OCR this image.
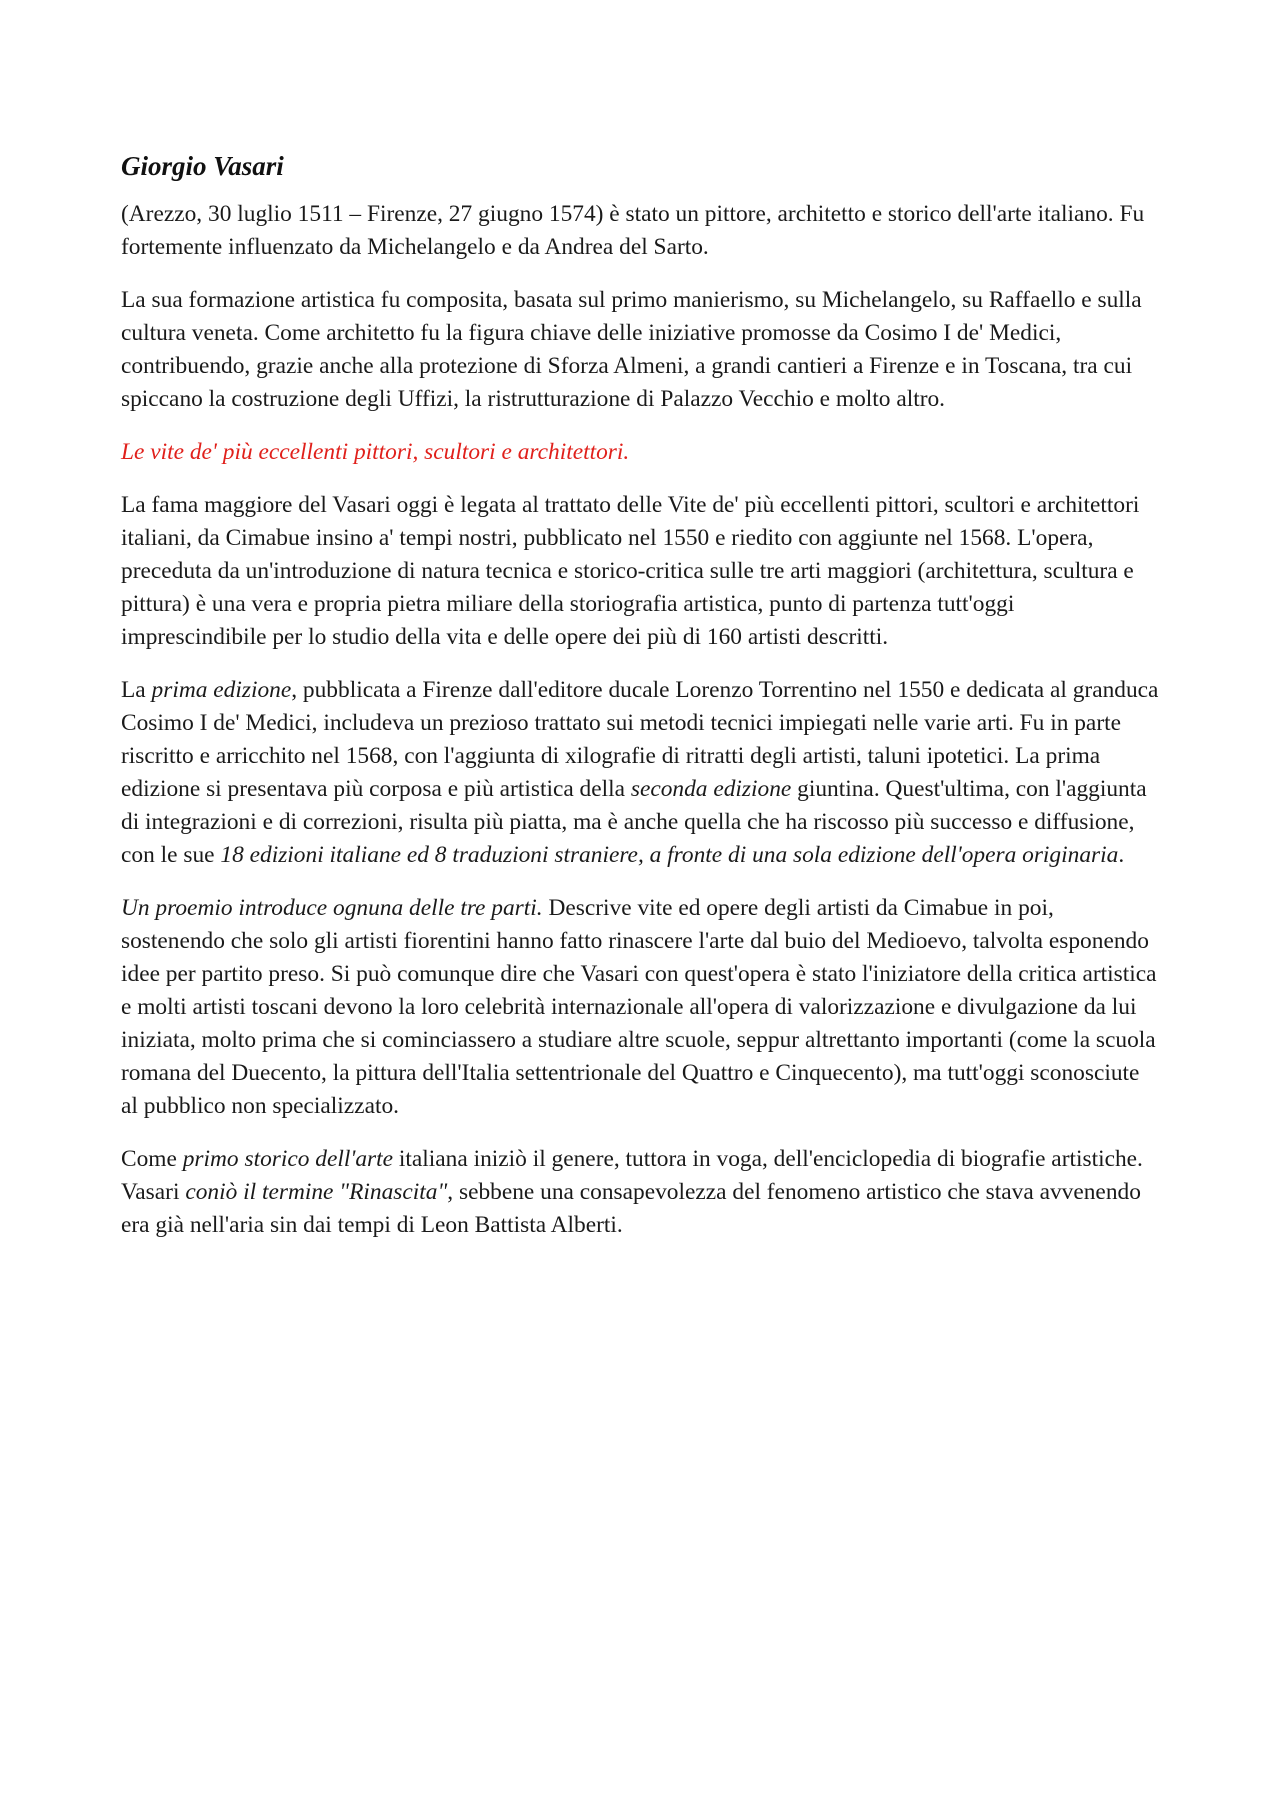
Giorgio Vasari

(Arezzo, 30 luglio 1511 – Firenze, 27 giugno 1574) è stato un pittore, architetto e storico dell'arte italiano. Fu fortemente influenzato da Michelangelo e da Andrea del Sarto.

La sua formazione artistica fu composita, basata sul primo manierismo, su Michelangelo, su Raffaello e sulla cultura veneta. Come architetto fu la figura chiave delle iniziative promosse da Cosimo I de' Medici, contribuendo, grazie anche alla protezione di Sforza Almeni, a grandi cantieri a Firenze e in Toscana, tra cui spiccano la costruzione degli Uffizi, la ristrutturazione di Palazzo Vecchio e molto altro.

Le vite de' più eccellenti pittori, scultori e architettori.

La fama maggiore del Vasari oggi è legata al trattato delle Vite de' più eccellenti pittori, scultori e architettori italiani, da Cimabue insino a' tempi nostri, pubblicato nel 1550 e riedito con aggiunte nel 1568. L'opera, preceduta da un'introduzione di natura tecnica e storico-critica sulle tre arti maggiori (architettura, scultura e pittura) è una vera e propria pietra miliare della storiografia artistica, punto di partenza tutt'oggi imprescindibile per lo studio della vita e delle opere dei più di 160 artisti descritti.

La prima edizione, pubblicata a Firenze dall'editore ducale Lorenzo Torrentino nel 1550 e dedicata al granduca Cosimo I de' Medici, includeva un prezioso trattato sui metodi tecnici impiegati nelle varie arti. Fu in parte riscritto e arricchito nel 1568, con l'aggiunta di xilografie di ritratti degli artisti, taluni ipotetici. La prima edizione si presentava più corposa e più artistica della seconda edizione giuntina. Quest'ultima, con l'aggiunta di integrazioni e di correzioni, risulta più piatta, ma è anche quella che ha riscosso più successo e diffusione, con le sue 18 edizioni italiane ed 8 traduzioni straniere, a fronte di una sola edizione dell'opera originaria.

Un proemio introduce ognuna delle tre parti. Descrive vite ed opere degli artisti da Cimabue in poi, sostenendo che solo gli artisti fiorentini hanno fatto rinascere l'arte dal buio del Medioevo, talvolta esponendo idee per partito preso. Si può comunque dire che Vasari con quest'opera è stato l'iniziatore della critica artistica e molti artisti toscani devono la loro celebrità internazionale all'opera di valorizzazione e divulgazione da lui iniziata, molto prima che si cominciassero a studiare altre scuole, seppur altrettanto importanti (come la scuola romana del Duecento, la pittura dell'Italia settentrionale del Quattro e Cinquecento), ma tutt'oggi sconosciute al pubblico non specializzato.

Come primo storico dell'arte italiana iniziò il genere, tuttora in voga, dell'enciclopedia di biografie artistiche. Vasari coniò il termine "Rinascita", sebbene una consapevolezza del fenomeno artistico che stava avvenendo era già nell'aria sin dai tempi di Leon Battista Alberti.
